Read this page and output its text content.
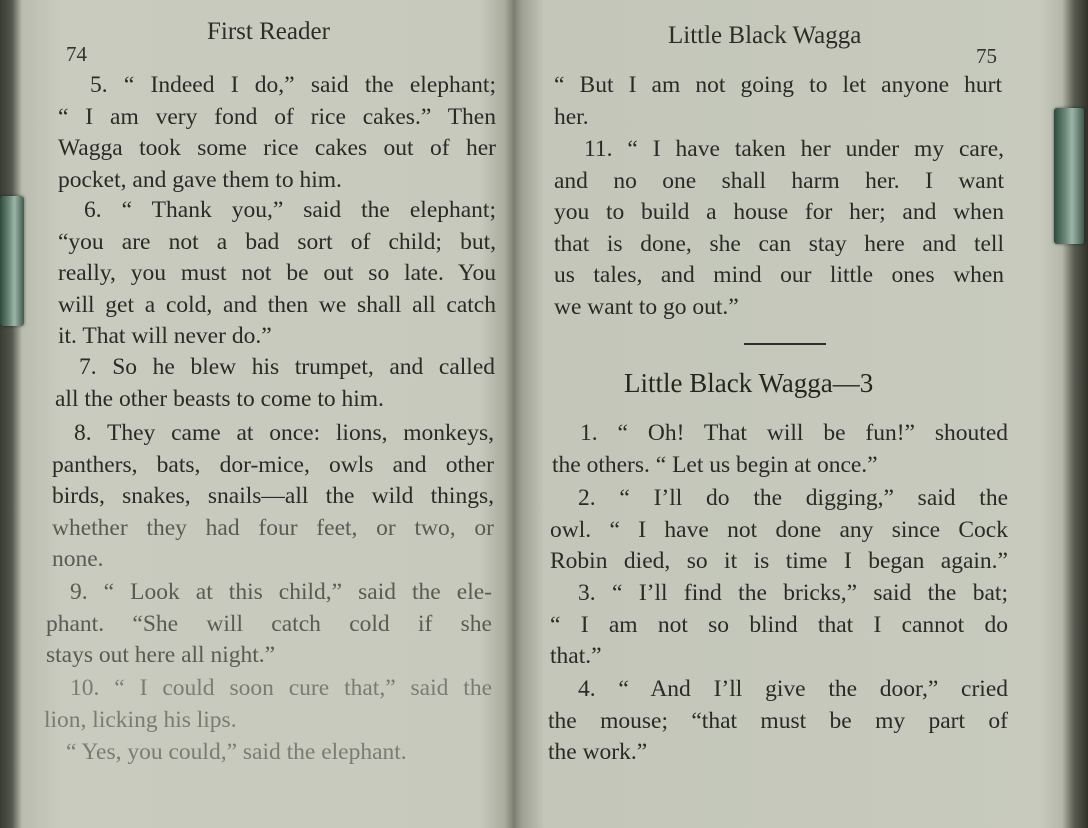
74
First Reader

5. “ Indeed I do,” said the elephant;
“ I am very fond of rice cakes.” Then
Wagga took some rice cakes out of her
pocket, and gave them to him.

6. “ Thank you,” said the elephant;
“you are not a bad sort of child; but,
really, you must not be out so late. You
will get a cold, and then we shall all catch
it. That will never do.”

7. So he blew his trumpet, and called
all the other beasts to come to him.

8. They came at once: lions, monkeys,
panthers, bats, dor-mice, owls and other
birds, snakes, snails—all the wild things,
whether they had four feet, or two, or
none.

9. “ Look at this child,” said the ele-
phant. “She will catch cold if she
stays out here all night.”

10. “ I could soon cure that,” said the
lion, licking his lips.

“ Yes, you could,” said the elephant.

Little Black Wagga
75

“ But I am not going to let anyone hurt
her.

11. “ I have taken her under my care,
and no one shall harm her. I want
you to build a house for her; and when
that is done, she can stay here and tell
us tales, and mind our little ones when
we want to go out.”

Little Black Wagga—3

1. “ Oh! That will be fun!” shouted
the others. “ Let us begin at once.”

2. “ I’ll do the digging,” said the
owl. “ I have not done any since Cock
Robin died, so it is time I began again.”

3. “ I’ll find the bricks,” said the bat;
“ I am not so blind that I cannot do
that.”

4. “ And I’ll give the door,” cried
the mouse; “that must be my part of
the work.”
